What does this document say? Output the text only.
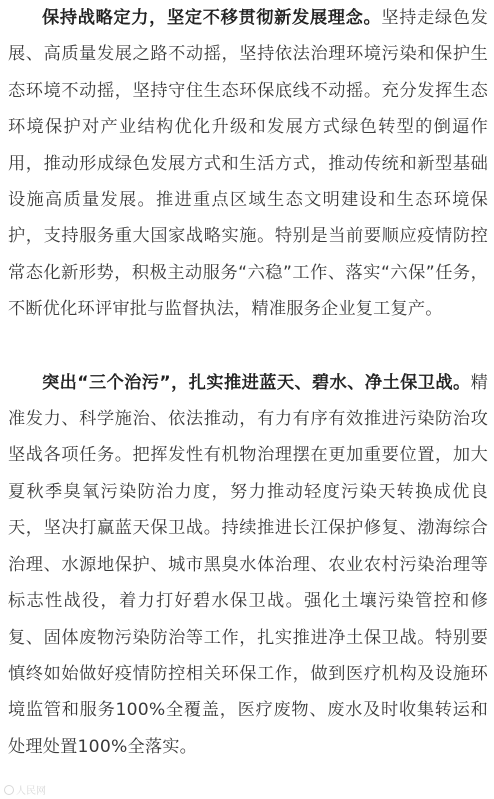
保持战略定力，坚定不移贯彻新发展理念。坚持走绿色发展、高质量发展之路不动摇，坚持依法治理环境污染和保护生态环境不动摇，坚持守住生态环保底线不动摇。充分发挥生态环境保护对产业结构优化升级和发展方式绿色转型的倒逼作用，推动形成绿色发展方式和生活方式，推动传统和新型基础设施高质量发展。推进重点区域生态文明建设和生态环境保护，支持服务重大国家战略实施。特别是当前要顺应疫情防控常态化新形势，积极主动服务“六稳”工作、落实“六保”任务，不断优化环评审批与监督执法，精准服务企业复工复产。

突出“三个治污”，扎实推进蓝天、碧水、净土保卫战。精准发力、科学施治、依法推动，有力有序有效推进污染防治攻坚战各项任务。把挥发性有机物治理摆在更加重要位置，加大夏秋季臭氧污染防治力度，努力推动轻度污染天转换成优良天，坚决打赢蓝天保卫战。持续推进长江保护修复、渤海综合治理、水源地保护、城市黑臭水体治理、农业农村污染治理等标志性战役，着力打好碧水保卫战。强化土壤污染管控和修复、固体废物污染防治等工作，扎实推进净土保卫战。特别要慎终如始做好疫情防控相关环保工作，做到医疗机构及设施环境监管和服务100%全覆盖，医疗废物、废水及时收集转运和处理处置100%全落实。

人民网
